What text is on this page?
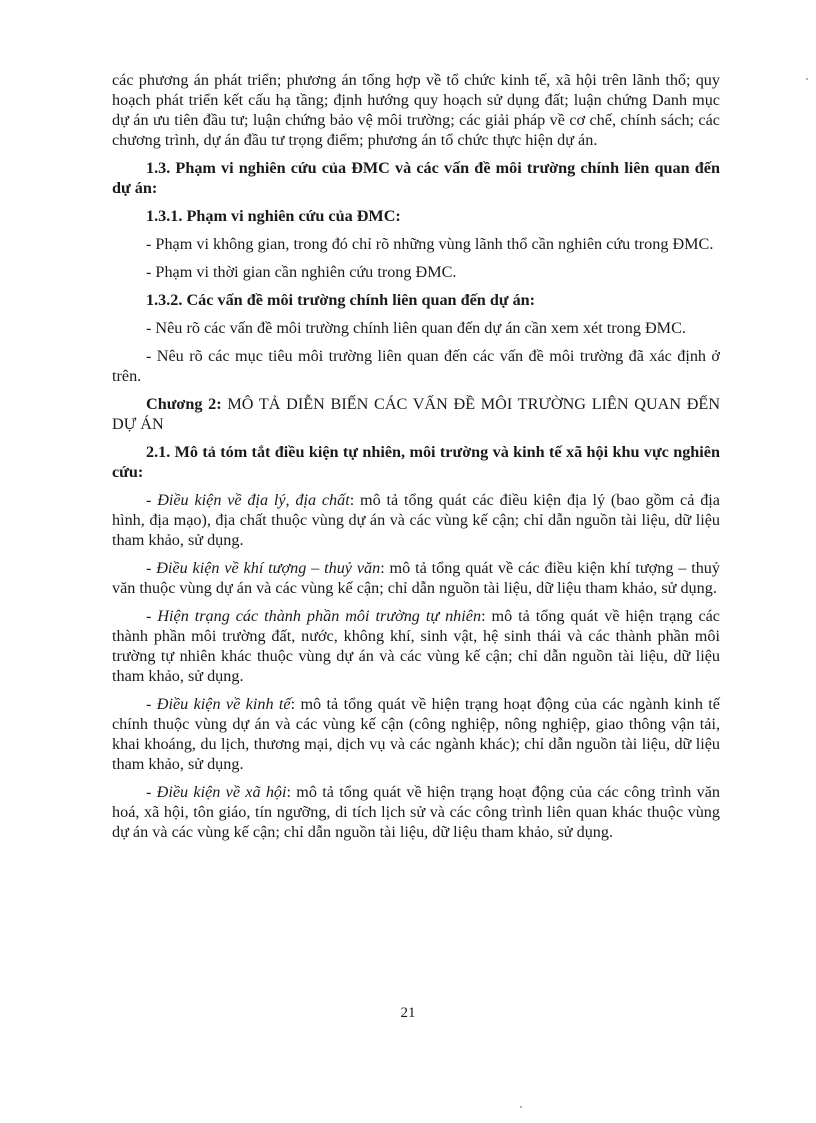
các phương án phát triển; phương án tổng hợp về tổ chức kinh tế, xã hội trên lãnh thổ; quy hoạch phát triển kết cấu hạ tầng; định hướng quy hoạch sử dụng đất; luận chứng Danh mục dự án ưu tiên đầu tư; luận chứng bảo vệ môi trường; các giải pháp về cơ chế, chính sách; các chương trình, dự án đầu tư trọng điểm; phương án tổ chức thực hiện dự án.

1.3. Phạm vi nghiên cứu của ĐMC và các vấn đề môi trường chính liên quan đến dự án:

1.3.1. Phạm vi nghiên cứu của ĐMC:

- Phạm vi không gian, trong đó chỉ rõ những vùng lãnh thổ cần nghiên cứu trong ĐMC.

- Phạm vi thời gian cần nghiên cứu trong ĐMC.

1.3.2. Các vấn đề môi trường chính liên quan đến dự án:

- Nêu rõ các vấn đề môi trường chính liên quan đến dự án cần xem xét trong ĐMC.

- Nêu rõ các mục tiêu môi trường liên quan đến các vấn đề môi trường đã xác định ở trên.

Chương 2: MÔ TẢ DIỄN BIẾN CÁC VẤN ĐỀ MÔI TRƯỜNG LIÊN QUAN ĐẾN DỰ ÁN

2.1. Mô tả tóm tắt điều kiện tự nhiên, môi trường và kinh tế xã hội khu vực nghiên cứu:

- Điều kiện về địa lý, địa chất: mô tả tổng quát các điều kiện địa lý (bao gồm cả địa hình, địa mạo), địa chất thuộc vùng dự án và các vùng kế cận; chỉ dẫn nguồn tài liệu, dữ liệu tham khảo, sử dụng.

- Điều kiện về khí tượng – thuỷ văn: mô tả tổng quát về các điều kiện khí tượng – thuỷ văn thuộc vùng dự án và các vùng kế cận; chỉ dẫn nguồn tài liệu, dữ liệu tham khảo, sử dụng.

- Hiện trạng các thành phần môi trường tự nhiên: mô tả tổng quát về hiện trạng các thành phần môi trường đất, nước, không khí, sinh vật, hệ sinh thái và các thành phần môi trường tự nhiên khác thuộc vùng dự án và các vùng kế cận; chỉ dẫn nguồn tài liệu, dữ liệu tham khảo, sử dụng.

- Điều kiện về kinh tế: mô tả tổng quát về hiện trạng hoạt động của các ngành kinh tế chính thuộc vùng dự án và các vùng kế cận (công nghiệp, nông nghiệp, giao thông vận tải, khai khoáng, du lịch, thương mại, dịch vụ và các ngành khác); chỉ dẫn nguồn tài liệu, dữ liệu tham khảo, sử dụng.

- Điều kiện về xã hội: mô tả tổng quát về hiện trạng hoạt động của các công trình văn hoá, xã hội, tôn giáo, tín ngưỡng, di tích lịch sử và các công trình liên quan khác thuộc vùng dự án và các vùng kế cận; chỉ dẫn nguồn tài liệu, dữ liệu tham khảo, sử dụng.

21
